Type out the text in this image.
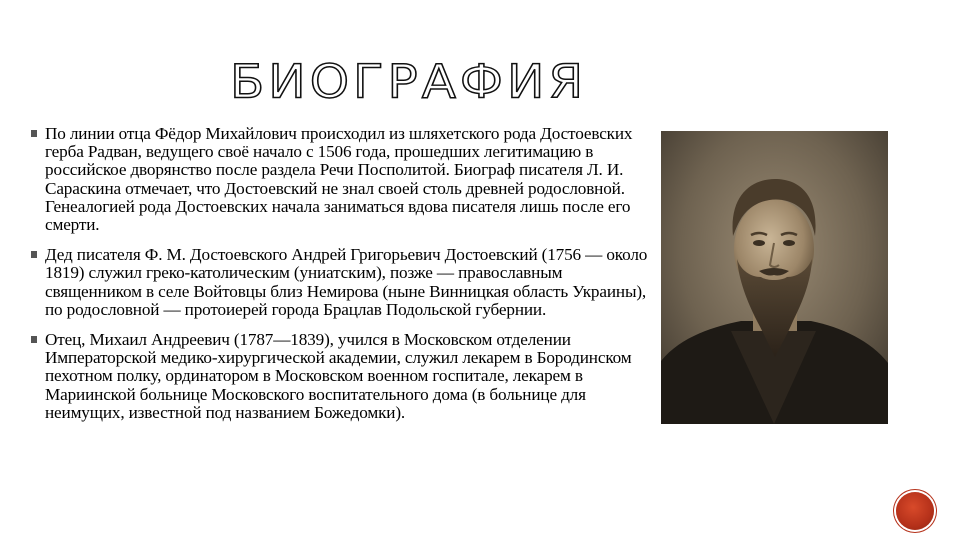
БИОГРАФИЯ
По линии отца Фёдор Михайлович происходил из шляхетского рода Достоевских герба Радван, ведущего своё начало с 1506 года, прошедших легитимацию в российское дворянство после раздела Речи Посполитой. Биограф писателя Л. И. Сараскина отмечает, что Достоевский не знал своей столь древней родословной. Генеалогией рода Достоевских начала заниматься вдова писателя лишь после его смерти.
Дед писателя Ф. М. Достоевского Андрей Григорьевич Достоевский (1756 — около 1819) служил греко-католическим (униатским), позже — православным священником в селе Войтовцы близ Немирова (ныне Винницкая область Украины), по родословной — протоиерей города Брацлав Подольской губернии.
Отец, Михаил Андреевич (1787—1839), учился в Московском отделении Императорской медико-хирургической академии, служил лекарем в Бородинском пехотном полку, ординатором в Московском военном госпитале, лекарем в Мариинской больнице Московского воспитательного дома (в больнице для неимущих, известной под названием Божедомки).
